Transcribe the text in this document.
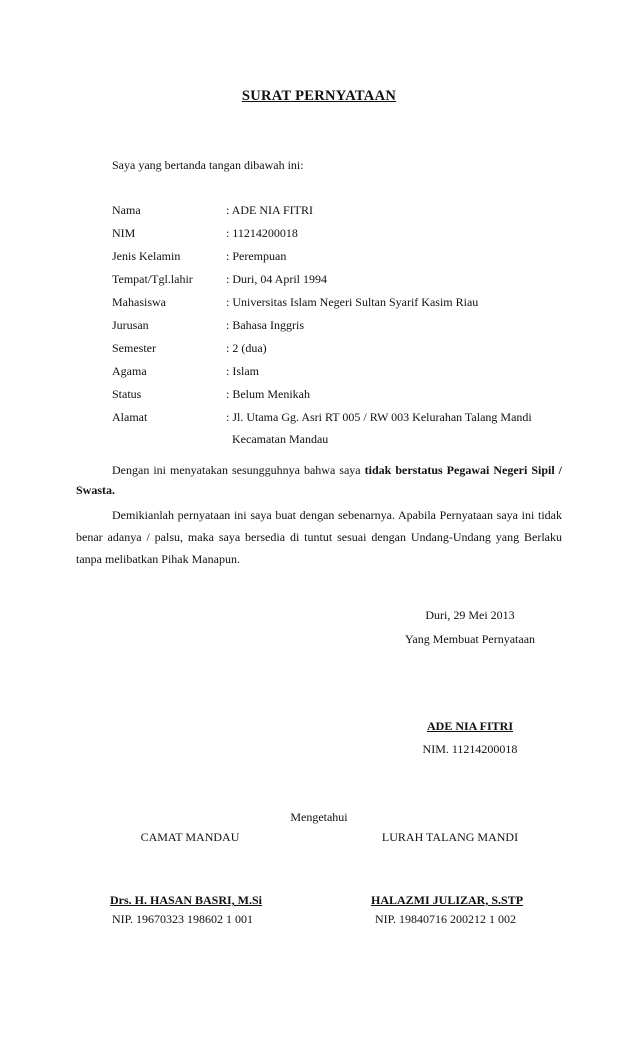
SURAT PERNYATAAN
Saya yang bertanda tangan dibawah ini:
Nama	: ADE NIA FITRI
NIM	: 11214200018
Jenis Kelamin	: Perempuan
Tempat/Tgl.lahir	: Duri, 04 April 1994
Mahasiswa	: Universitas Islam Negeri Sultan Syarif Kasim Riau
Jurusan	: Bahasa Inggris
Semester	: 2 (dua)
Agama	: Islam
Status	: Belum Menikah
Alamat	: Jl. Utama Gg. Asri RT 005 / RW 003 Kelurahan Talang Mandi
Kecamatan Mandau
Dengan ini menyatakan sesungguhnya bahwa saya tidak berstatus Pegawai Negeri Sipil / Swasta.
Demikianlah pernyataan ini saya buat dengan sebenarnya. Apabila Pernyataan saya ini tidak benar adanya / palsu, maka saya bersedia di tuntut sesuai dengan Undang-Undang yang Berlaku tanpa melibatkan Pihak Manapun.
Duri, 29 Mei 2013
Yang Membuat Pernyataan
ADE NIA FITRI
NIM. 11214200018
Mengetahui
CAMAT MANDAU	LURAH TALANG MANDI
Drs. H. HASAN BASRI, M.Si
NIP. 19670323 198602 1 001
HALAZMI JULIZAR, S.STP
NIP. 19840716 200212 1 002
